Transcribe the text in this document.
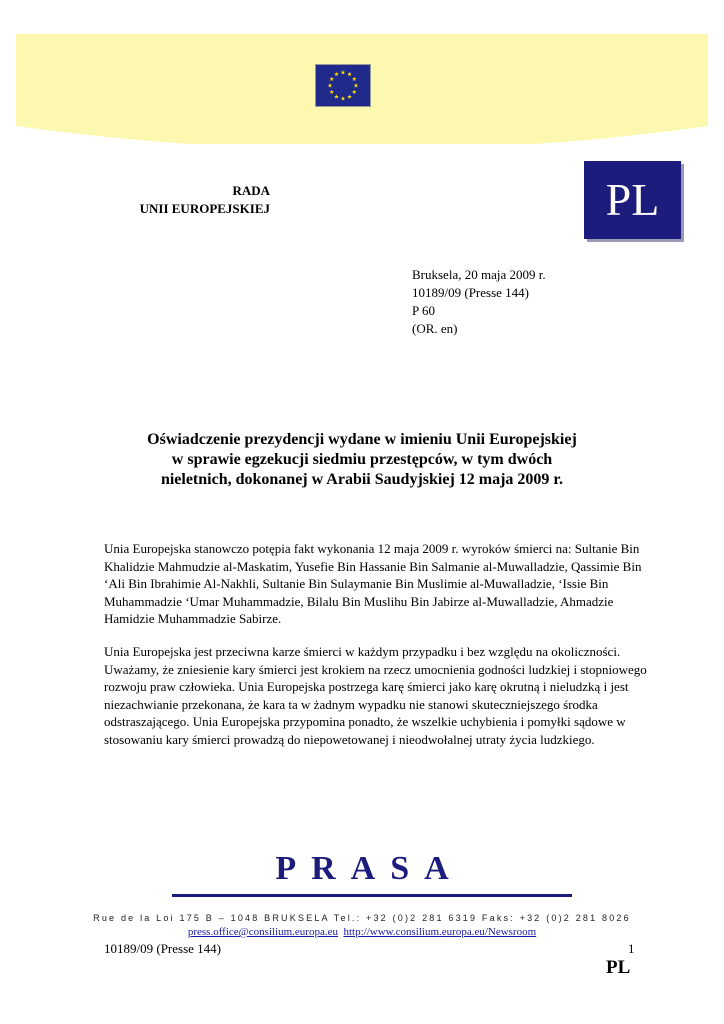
RADA
UNII EUROPEJSKIEJ	PL
Bruksela, 20 maja 2009 r.
10189/09 (Presse 144)
P 60
(OR. en)
Oświadczenie prezydencji wydane w imieniu Unii Europejskiej
w sprawie egzekucji siedmiu przestępców, w tym dwóch
nieletnich, dokonanej w Arabii Saudyjskiej 12 maja 2009 r.
Unia Europejska stanowczo potępia fakt wykonania 12 maja 2009 r. wyroków śmierci na: Sultanie Bin Khalidzie Mahmudzie al-Maskatim, Yusefie Bin Hassanie Bin Salmanie al-Muwalladzie, Qassimie Bin ‘Ali Bin Ibrahimie Al-Nakhli, Sultanie Bin Sulaymanie Bin Muslimie al-Muwalladzie, ‘Issie Bin Muhammadzie ‘Umar Muhammadzie, Bilalu Bin Muslihu Bin Jabirze al-Muwalladzie, Ahmadzie Hamidzie Muhammadzie Sabirze.
Unia Europejska jest przeciwna karze śmierci w każdym przypadku i bez względu na okoliczności. Uważamy, że zniesienie kary śmierci jest krokiem na rzecz umocnienia godności ludzkiej i stopniowego rozwoju praw człowieka. Unia Europejska postrzega karę śmierci jako karę okrutną i nieludzką i jest niezachwianie przekonana, że kara ta w żadnym wypadku nie stanowi skuteczniejszego środka odstraszającego. Unia Europejska przypomina ponadto, że wszelkie uchybienia i pomyłki sądowe w stosowaniu kary śmierci prowadzą do niepowetowanej i nieodwołalnej utraty życia ludzkiego.
PRASA
Rue de la Loi 175 B – 1048 BRUKSELA Tel.: +32 (0)2 281 6319 Faks: +32 (0)2 281 8026
press.office@consilium.europa.eu http://www.consilium.europa.eu/Newsroom
10189/09 (Presse 144)	1
PL
